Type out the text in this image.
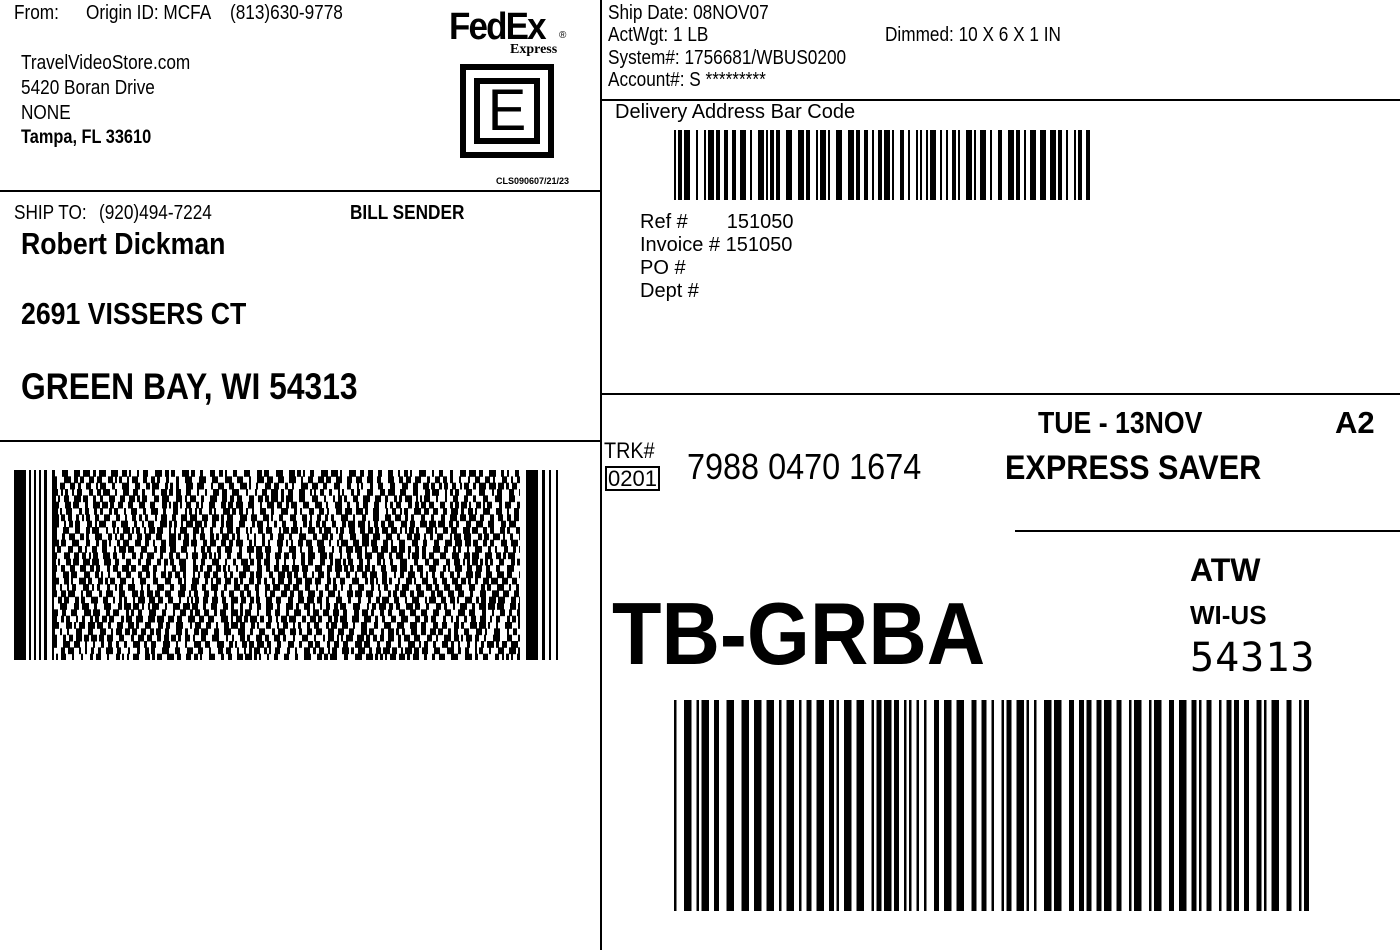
From: Origin ID: MCFA (813)630-9778
TravelVideoStore.com
5420 Boran Drive
NONE
Tampa, FL 33610
FedEx ®
Express
E
CLS090607/21/23
Ship Date: 08NOV07
ActWgt: 1 LB
System#: 1756681/WBUS0200
Account#: S *********
Dimmed: 10 X 6 X 1 IN
Delivery Address Bar Code
Ref #       151050
Invoice # 151050
PO #
Dept #
SHIP TO: (920)494-7224	BILL SENDER
Robert Dickman
2691 VISSERS CT
GREEN BAY, WI 54313
TRK#
0201 7988 0470 1674
TUE - 13NOV	A2
EXPRESS SAVER
TB-GRBA
ATW
WI-US
54313
